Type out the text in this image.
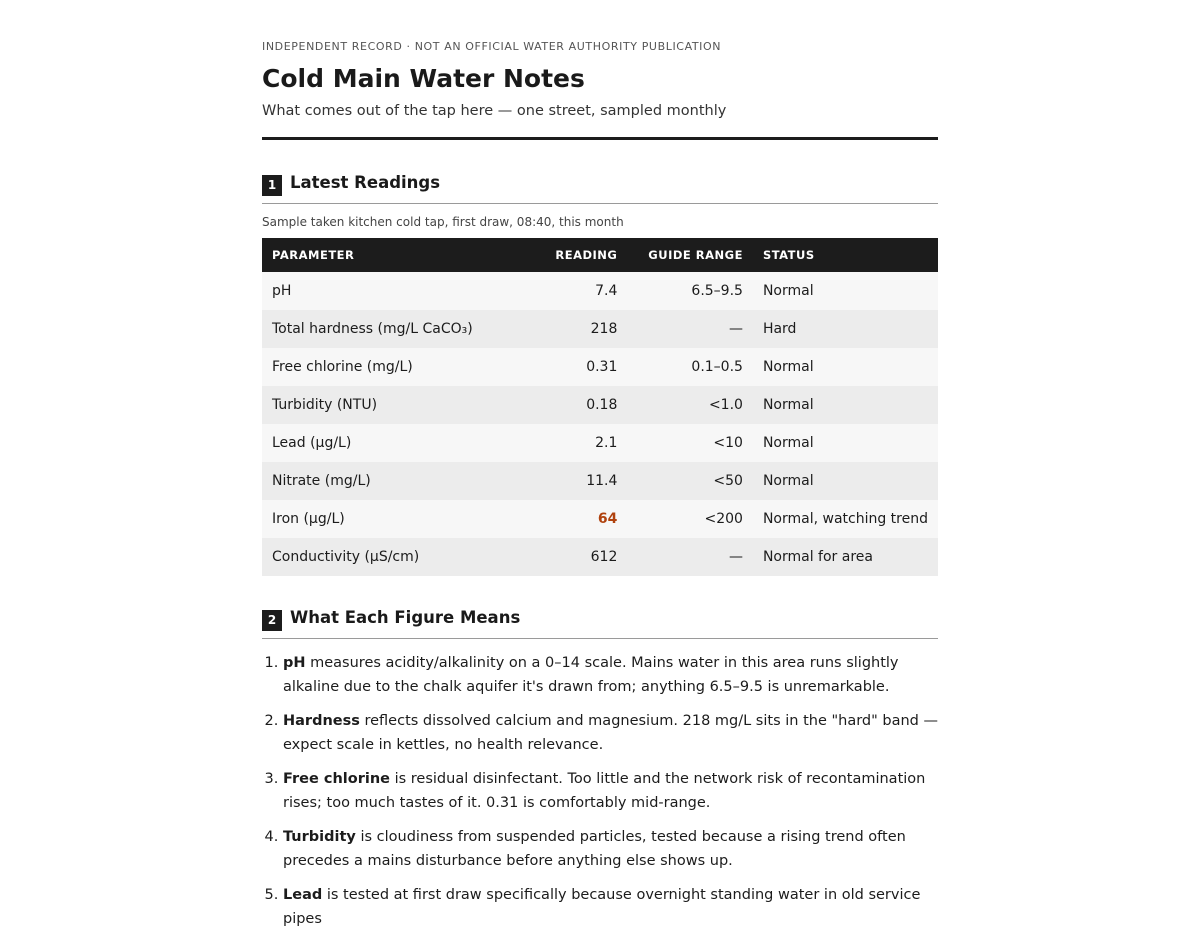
INDEPENDENT RECORD · NOT AN OFFICIAL WATER AUTHORITY PUBLICATION
Cold Main Water Notes
What comes out of the tap here — one street, sampled monthly
1 Latest Readings
Sample taken kitchen cold tap, first draw, 08:40, this month
PARAMETER	READING	GUIDE RANGE	STATUS
pH	7.4	6.5–9.5	Normal
Total hardness (mg/L CaCO₃)	218	—	Hard
Free chlorine (mg/L)	0.31	0.1–0.5	Normal
Turbidity (NTU)	0.18	<1.0	Normal
Lead (µg/L)	2.1	<10	Normal
Nitrate (mg/L)	11.4	<50	Normal
Iron (µg/L)	64	<200	Normal, watching trend
Conductivity (µS/cm)	612	—	Normal for area
2 What Each Figure Means
1. pH measures acidity/alkalinity on a 0–14 scale. Mains water in this area runs slightly alkaline due to the chalk aquifer it's drawn from; anything 6.5–9.5 is unremarkable.
2. Hardness reflects dissolved calcium and magnesium. 218 mg/L sits in the "hard" band — expect scale in kettles, no health relevance.
3. Free chlorine is residual disinfectant. Too little and the network risk of recontamination rises; too much tastes of it. 0.31 is comfortably mid-range.
4. Turbidity is cloudiness from suspended particles, tested because a rising trend often precedes a mains disturbance before anything else shows up.
5. Lead is tested at first draw specifically because overnight standing water in old service pipes
